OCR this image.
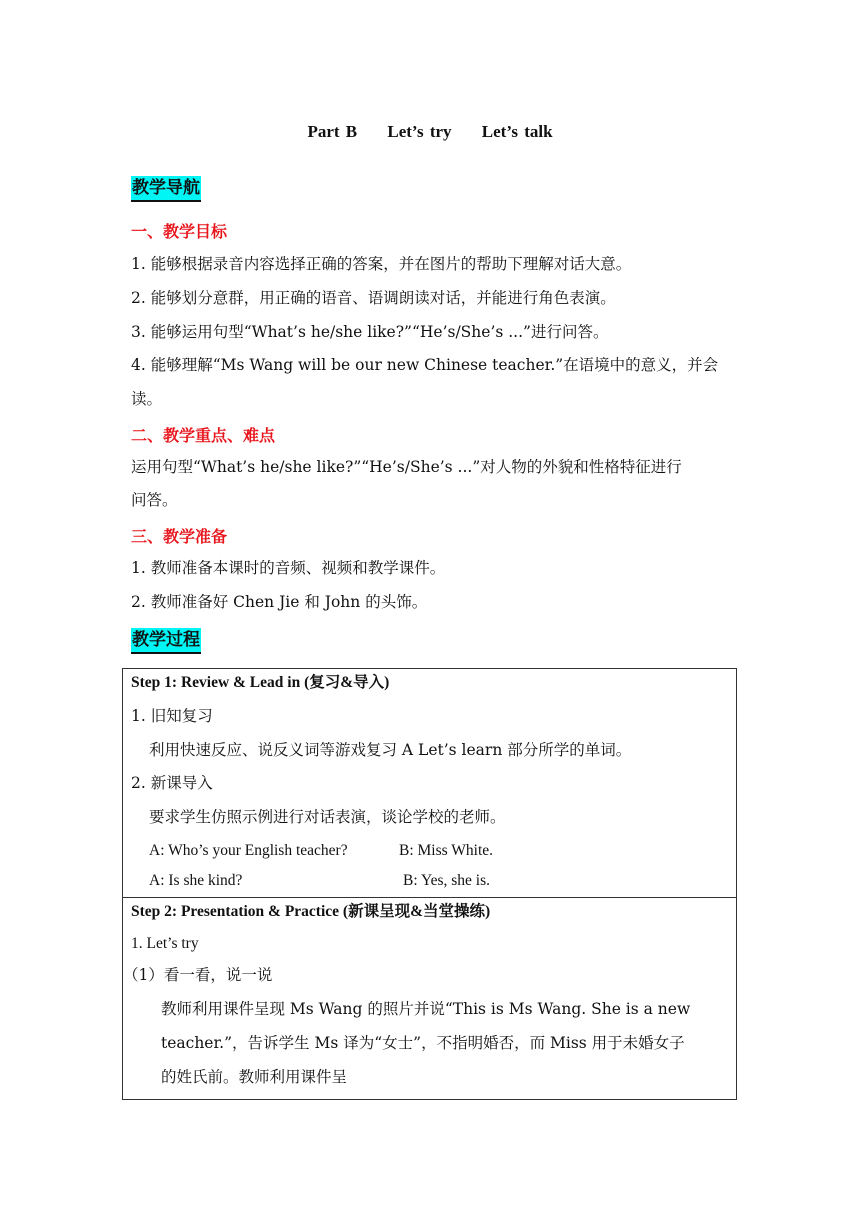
Part B Let’s try Let’s talk
教学导航
一、教学目标
1. 能够根据录音内容选择正确的答案，并在图片的帮助下理解对话大意。
2. 能够划分意群，用正确的语音、语调朗读对话，并能进行角色表演。
3. 能够运用句型“What’s he/she like?”“He’s/She’s ...”进行问答。
4. 能够理解“Ms Wang will be our new Chinese teacher.”在语境中的意义，并会
读。
二、教学重点、难点
运用句型“What’s he/she like?”“He’s/She’s ...”对人物的外貌和性格特征进行
问答。
三、教学准备
1. 教师准备本课时的音频、视频和教学课件。
2. 教师准备好 Chen Jie 和 John 的头饰。
教学过程
Step 1: Review & Lead in (复习&导入)
1. 旧知复习
利用快速反应、说反义词等游戏复习 A Let’s learn 部分所学的单词。
2. 新课导入
要求学生仿照示例进行对话表演，谈论学校的老师。
A: Who’s your English teacher?	B: Miss White.
A: Is she kind?	B: Yes, she is.

Step 2: Presentation & Practice (新课呈现&当堂操练)
1. Let’s try
（1）看一看，说一说
教师利用课件呈现 Ms Wang 的照片并说“This is Ms Wang. She is a new
teacher.”，告诉学生 Ms 译为“女士”，不指明婚否，而 Miss 用于未婚女子
的姓氏前。教师利用课件呈
